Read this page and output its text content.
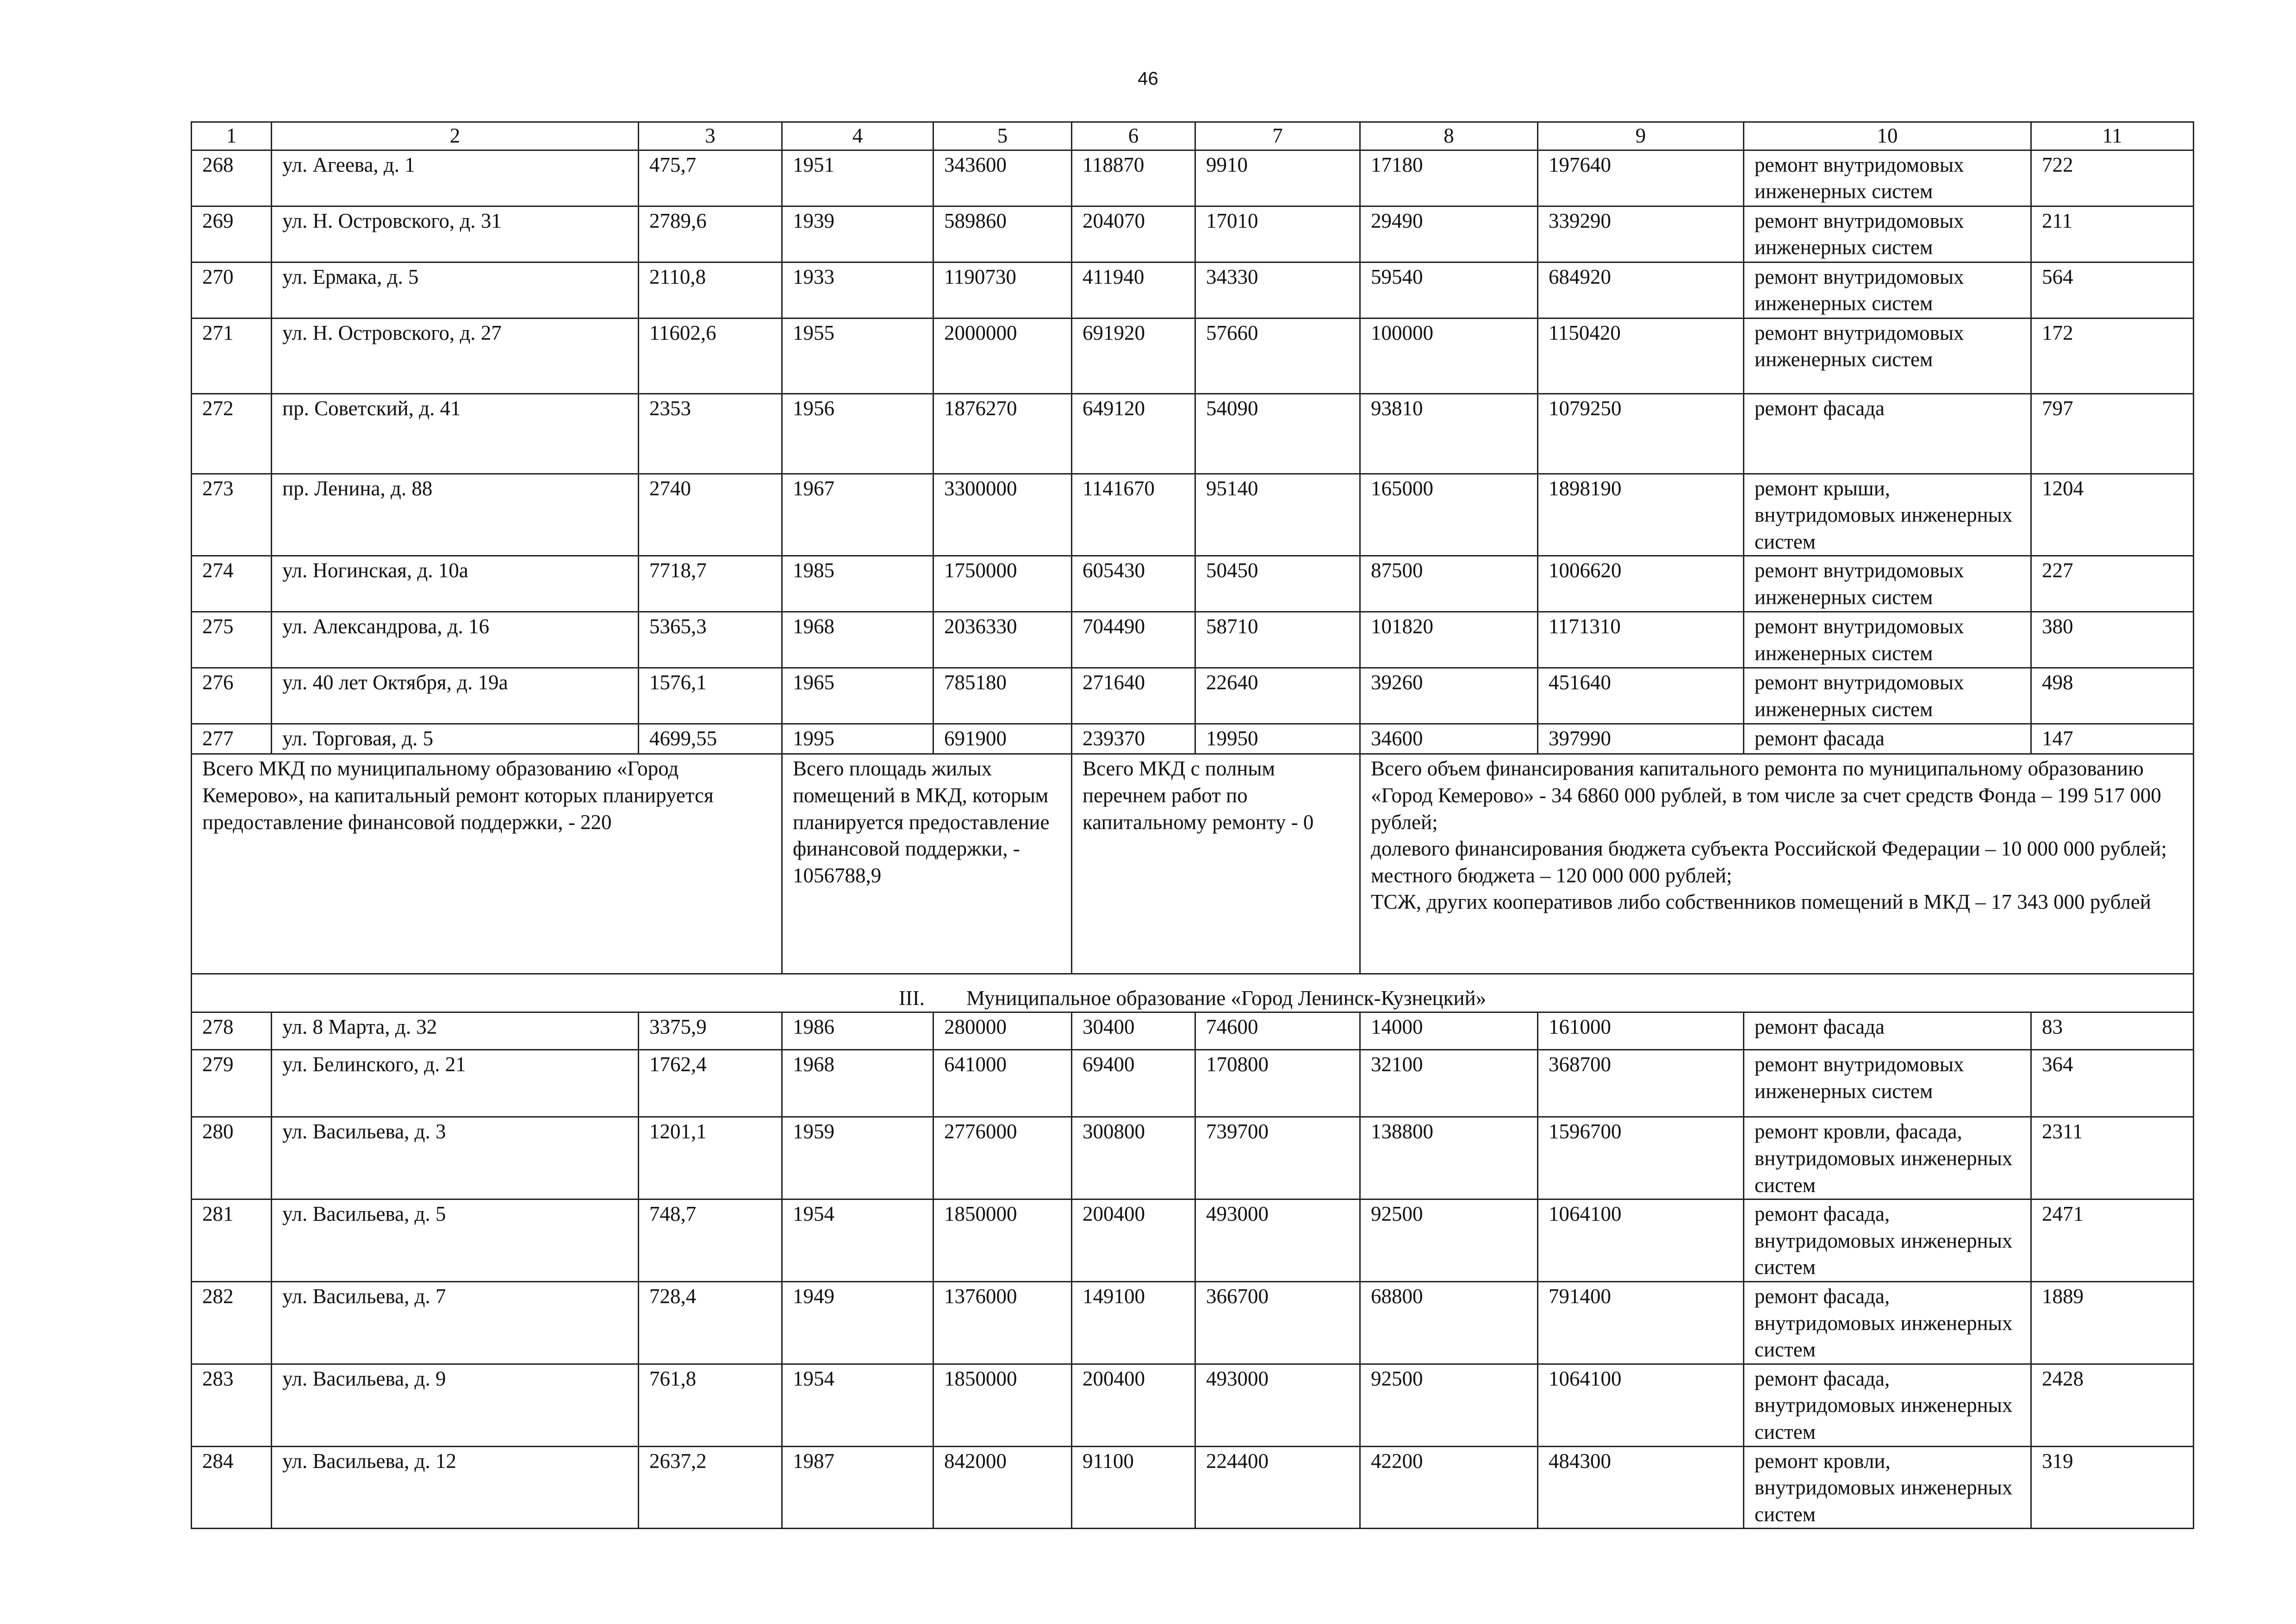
46
1	2	3	4	5	6	7	8	9	10	11
268	ул. Агеева, д. 1	475,7	1951	343600	118870	9910	17180	197640	ремонт внутридомовых инженерных систем	722
269	ул. Н. Островского, д. 31	2789,6	1939	589860	204070	17010	29490	339290	ремонт внутридомовых инженерных систем	211
270	ул. Ермака, д. 5	2110,8	1933	1190730	411940	34330	59540	684920	ремонт внутридомовых инженерных систем	564
271	ул. Н. Островского, д. 27	11602,6	1955	2000000	691920	57660	100000	1150420	ремонт внутридомовых инженерных систем	172
272	пр. Советский, д. 41	2353	1956	1876270	649120	54090	93810	1079250	ремонт фасада	797
273	пр. Ленина, д. 88	2740	1967	3300000	1141670	95140	165000	1898190	ремонт крыши, внутридомовых инженерных систем	1204
274	ул. Ногинская, д. 10а	7718,7	1985	1750000	605430	50450	87500	1006620	ремонт внутридомовых инженерных систем	227
275	ул. Александрова, д. 16	5365,3	1968	2036330	704490	58710	101820	1171310	ремонт внутридомовых инженерных систем	380
276	ул. 40 лет Октября, д. 19а	1576,1	1965	785180	271640	22640	39260	451640	ремонт внутридомовых инженерных систем	498
277	ул. Торговая, д. 5	4699,55	1995	691900	239370	19950	34600	397990	ремонт фасада	147
Всего МКД по муниципальному образованию «Город Кемерово», на капитальный ремонт которых планируется предоставление финансовой поддержки, - 220			Всего площадь жилых помещений в МКД, которым планируется предоставление финансовой поддержки, - 1056788,9		Всего МКД с полным перечнем работ по капитальному ремонту - 0		Всего объем финансирования капитального ремонта по муниципальному образованию «Город Кемерово» - 34 6860 000 рублей, в том числе за счет средств Фонда – 199 517 000 рублей;
долевого финансирования бюджета субъекта Российской Федерации – 10 000 000 рублей;
местного бюджета – 120 000 000 рублей;
ТСЖ, других кооперативов либо собственников помещений в МКД – 17 343 000 рублей			

III. Муниципальное образование «Город Ленинск-Кузнецкий»										
278	ул. 8 Марта, д. 32	3375,9	1986	280000	30400	74600	14000	161000	ремонт фасада	83
279	ул. Белинского, д. 21	1762,4	1968	641000	69400	170800	32100	368700	ремонт внутридомовых инженерных систем	364
280	ул. Васильева, д. 3	1201,1	1959	2776000	300800	739700	138800	1596700	ремонт кровли, фасада, внутридомовых инженерных систем	2311
281	ул. Васильева, д. 5	748,7	1954	1850000	200400	493000	92500	1064100	ремонт фасада, внутридомовых инженерных систем	2471
282	ул. Васильева, д. 7	728,4	1949	1376000	149100	366700	68800	791400	ремонт фасада, внутридомовых инженерных систем	1889
283	ул. Васильева, д. 9	761,8	1954	1850000	200400	493000	92500	1064100	ремонт фасада, внутридомовых инженерных систем	2428
284	ул. Васильева, д. 12	2637,2	1987	842000	91100	224400	42200	484300	ремонт кровли, внутридомовых инженерных систем	319
